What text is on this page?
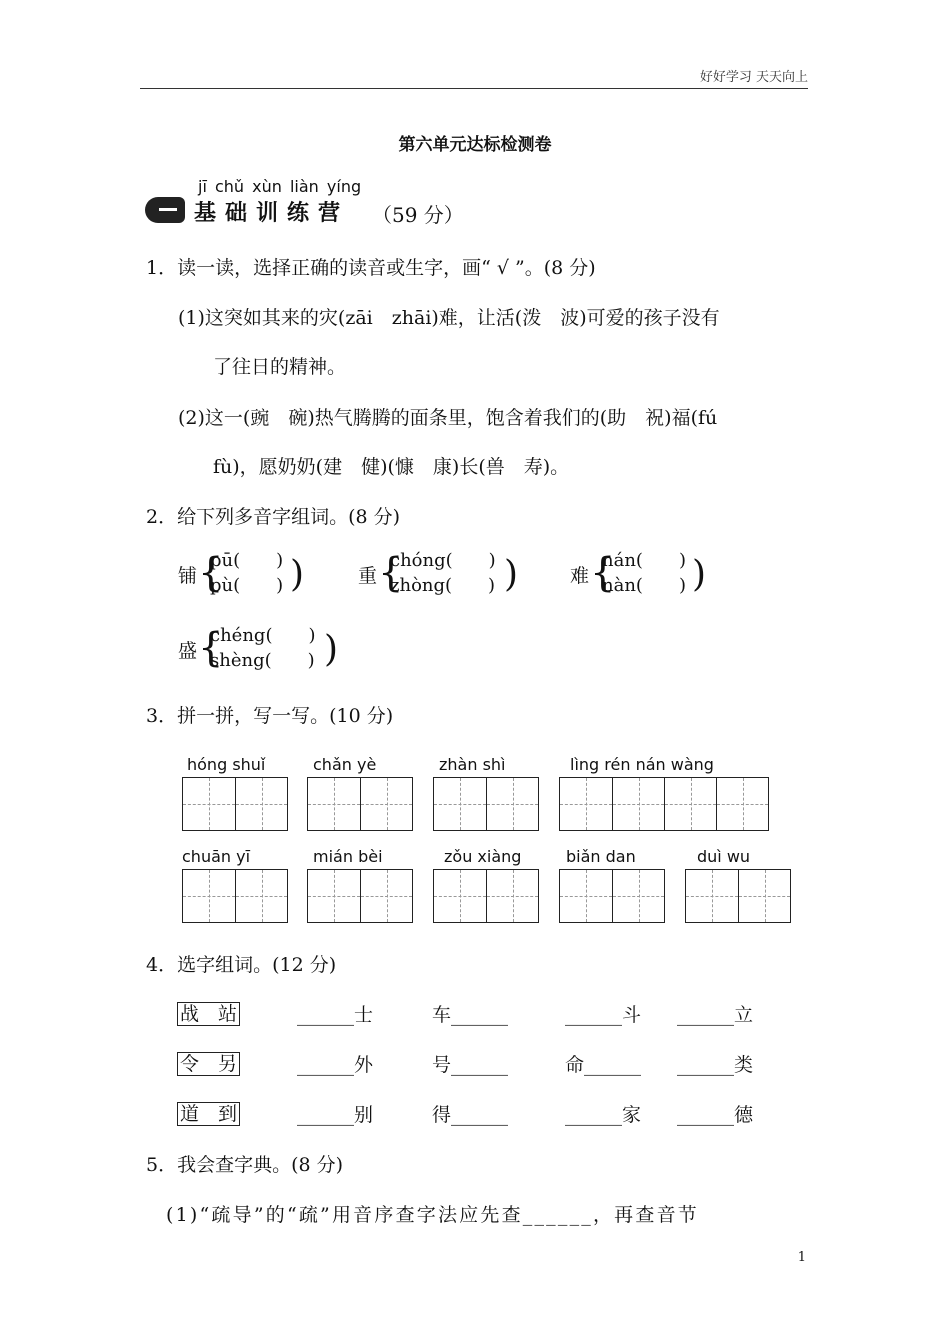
好好学习 天天向上
第六单元达标检测卷
jī chǔ xùn liàn yíng
基础训练营 （59 分）
1．读一读，选择正确的读音或生字，画“ √ ”。(8 分)
(1)这突如其来的灾(zāi　zhāi)难，让活(泼　波)可爱的孩子没有
了往日的精神。
(2)这一(豌　碗)热气腾腾的面条里，饱含着我们的(助　祝)福(fú
fù)，愿奶奶(建　健)(慷　康)长(兽　寿)。
2．给下列多音字组词。(8 分)
铺 {
pū(　　)
pù(　　) )	重 {
chóng(　　)
zhòng(　　) )	难 {
nán(　　)
nàn(　　) )
盛 {
chéng(　　)
shèng(　　) )
3．拼一拼，写一写。(10 分)
hóng shuǐ	chǎn yè	zhàn shì	lìng rén nán wàng
chuān yī	mián bèi	zǒu xiàng	biǎn dan	duì wu
4．选字组词。(12 分)
战　站	______士	车______	______斗 ______立
令　另	______外	号______	命______ ______类
道　到	______别	得______	______家 ______德
5．我会查字典。(8 分)
(1)“疏导”的“疏”用音序查字法应先查______，再查音节
1
